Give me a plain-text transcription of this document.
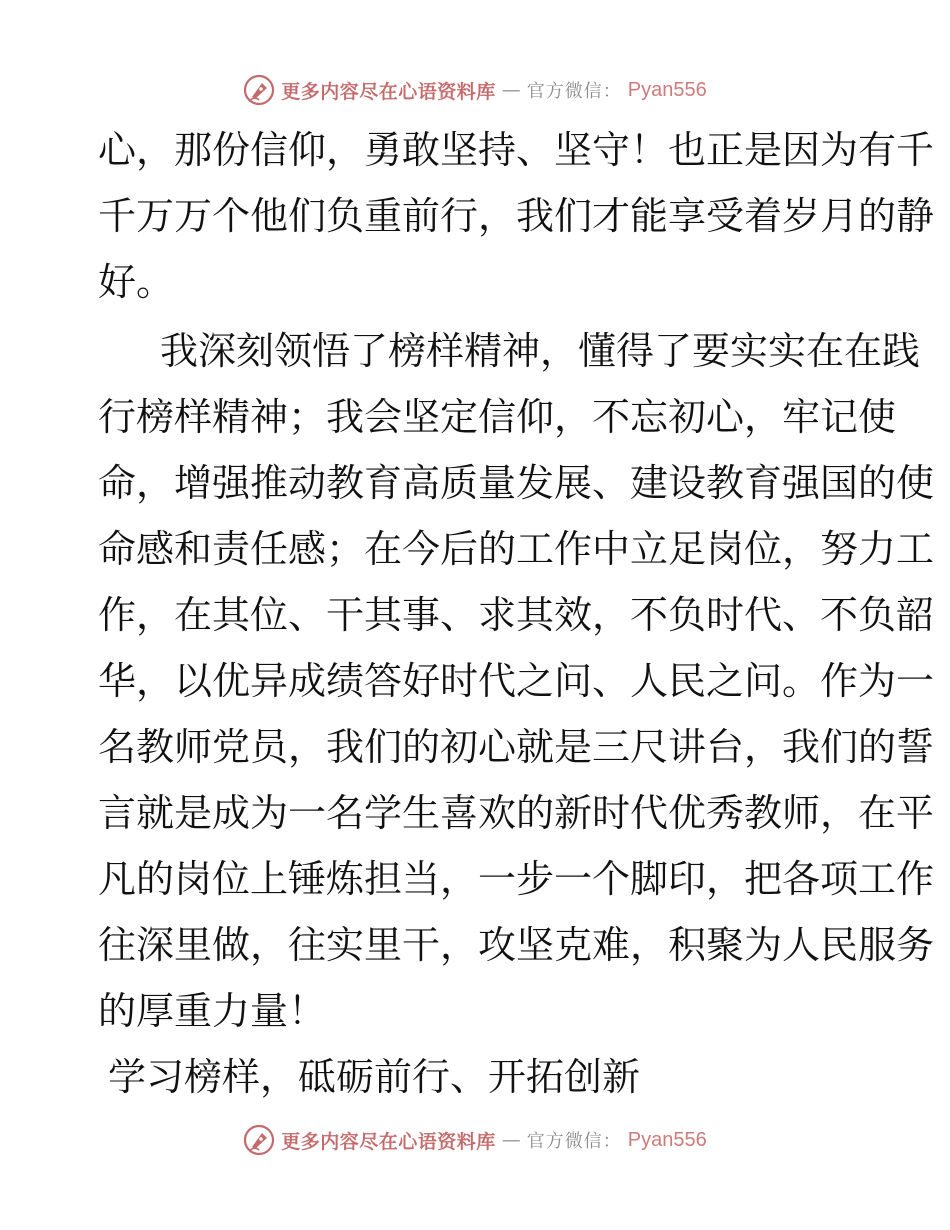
更多内容尽在心语资料库 — 官方微信： Pyan556
心，那份信仰，勇敢坚持、坚守！也正是因为有千
千万万个他们负重前行，我们才能享受着岁月的静
好。
我深刻领悟了榜样精神，懂得了要实实在在践
行榜样精神；我会坚定信仰，不忘初心，牢记使
命，增强推动教育高质量发展、建设教育强国的使
命感和责任感；在今后的工作中立足岗位，努力工
作，在其位、干其事、求其效，不负时代、不负韶
华，以优异成绩答好时代之问、人民之问。作为一
名教师党员，我们的初心就是三尺讲台，我们的誓
言就是成为一名学生喜欢的新时代优秀教师，在平
凡的岗位上锤炼担当，一步一个脚印，把各项工作
往深里做，往实里干，攻坚克难，积聚为人民服务
的厚重力量！
学习榜样，砥砺前行、开拓创新
更多内容尽在心语资料库 — 官方微信： Pyan556
